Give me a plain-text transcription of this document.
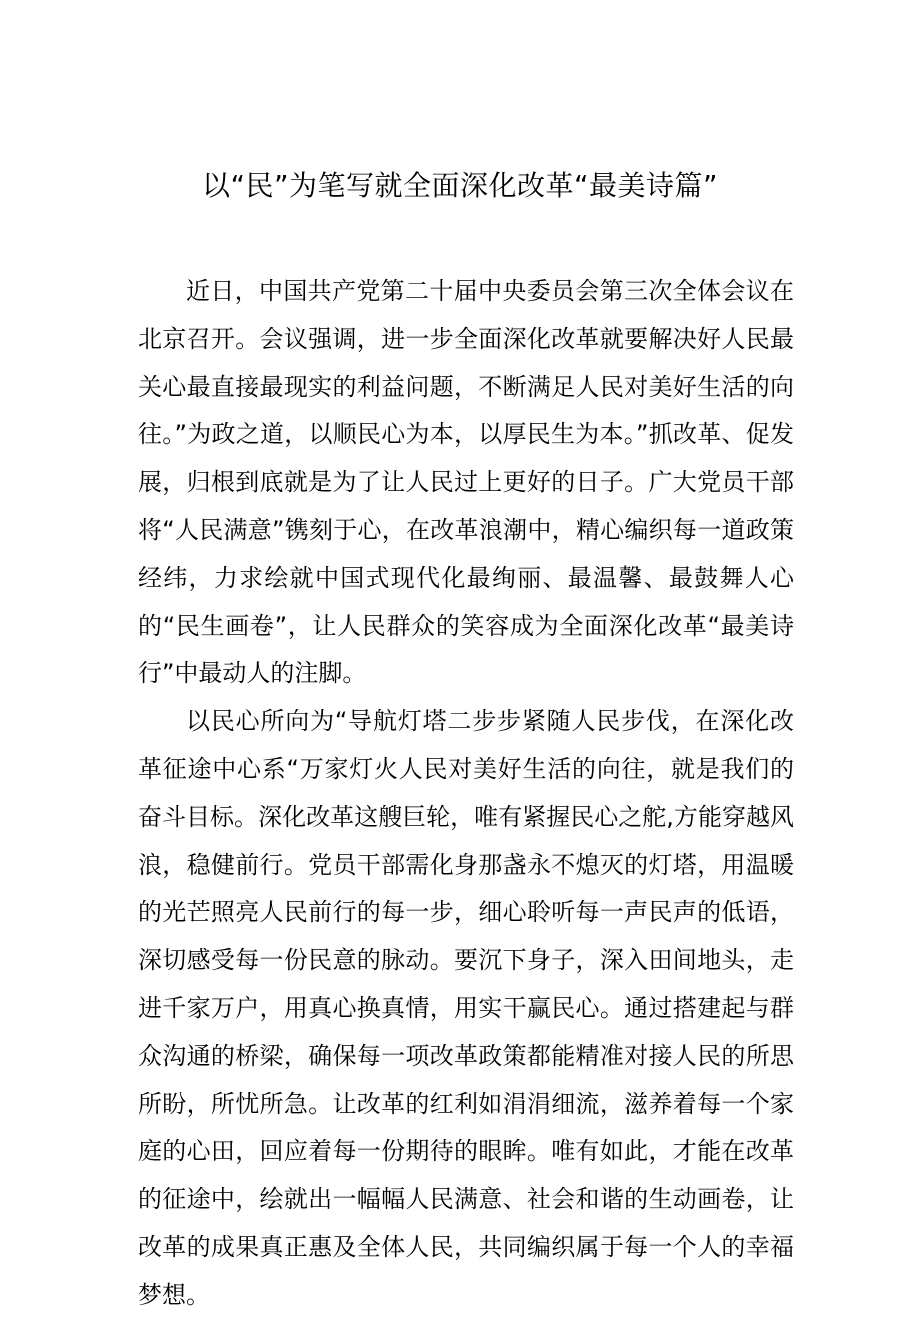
以“民”为笔写就全面深化改革“最美诗篇”

近日，中国共产党第二十届中央委员会第三次全体会议在北京召开。会议强调，进一步全面深化改革就要解决好人民最关心最直接最现实的利益问题，不断满足人民对美好生活的向往。”为政之道，以顺民心为本，以厚民生为本。”抓改革、促发展，归根到底就是为了让人民过上更好的日子。广大党员干部将“人民满意”镌刻于心，在改革浪潮中，精心编织每一道政策经纬，力求绘就中国式现代化最绚丽、最温馨、最鼓舞人心的“民生画卷”，让人民群众的笑容成为全面深化改革“最美诗行”中最动人的注脚。

以民心所向为“导航灯塔二步步紧随人民步伐，在深化改革征途中心系“万家灯火人民对美好生活的向往，就是我们的奋斗目标。深化改革这艘巨轮，唯有紧握民心之舵,方能穿越风浪，稳健前行。党员干部需化身那盏永不熄灭的灯塔，用温暖的光芒照亮人民前行的每一步，细心聆听每一声民声的低语，深切感受每一份民意的脉动。要沉下身子，深入田间地头，走进千家万户，用真心换真情，用实干赢民心。通过搭建起与群众沟通的桥梁，确保每一项改革政策都能精准对接人民的所思所盼，所忧所急。让改革的红利如涓涓细流，滋养着每一个家庭的心田，回应着每一份期待的眼眸。唯有如此，才能在改革的征途中，绘就出一幅幅人民满意、社会和谐的生动画卷，让改革的成果真正惠及全体人民，共同编织属于每一个人的幸福梦想。
